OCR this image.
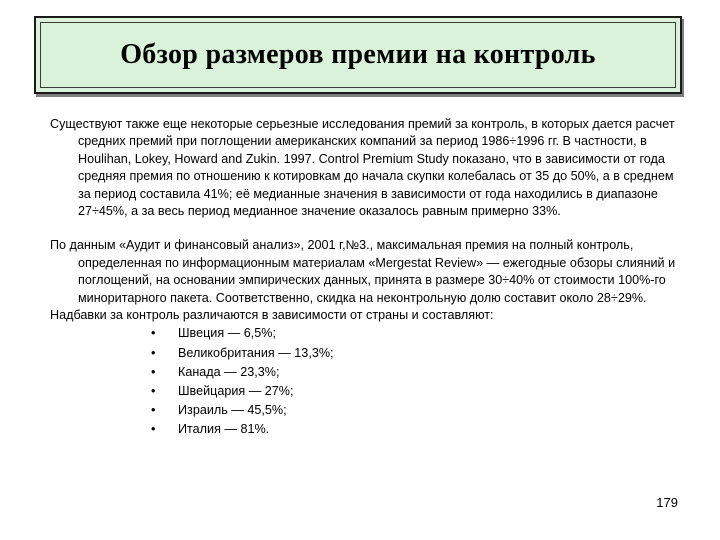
Обзор размеров премии на контроль

Существуют также еще некоторые серьезные исследования премий за контроль, в которых дается расчет средних премий при поглощении американских компаний за период 1986÷1996 гг. В частности, в Houlihan, Lokey, Howard and Zukin. 1997. Control Premium Study показано, что в зависимости от года средняя премия по отношению к котировкам до начала скупки колебалась от 35 до 50%, а в среднем за период составила 41%; её медианные значения в зависимости от года находились в диапазоне 27÷45%, а за весь период медианное значение оказалось равным примерно 33%.

По данным «Аудит и финансовый анализ», 2001 г,№3., максимальная премия на полный контроль, определенная по информационным материалам «Mergestat Review» — ежегодные обзоры слияний и поглощений, на основании эмпирических данных, принята в размере 30÷40% от стоимости 100%-го миноритарного пакета. Соответственно, скидка на неконтрольную долю составит около 28÷29%.

Надбавки за контроль различаются в зависимости от страны и составляют:

• Швеция — 6,5%;
• Великобритания — 13,3%;
• Канада — 23,3%;
• Швейцария — 27%;
• Израиль — 45,5%;
• Италия — 81%.
179
